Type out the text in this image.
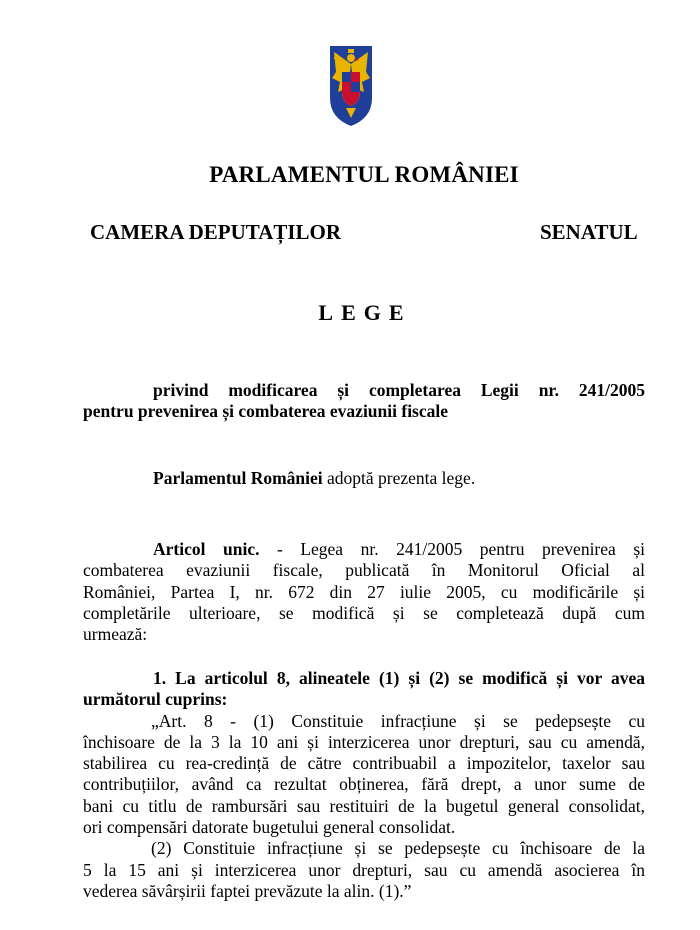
PARLAMENTUL ROMÂNIEI
CAMERA DEPUTAȚILOR	SENATUL
LEGE
privind modificarea și completarea Legii nr. 241/2005
pentru prevenirea și combaterea evaziunii fiscale
Parlamentul României adoptă prezenta lege.
Articol unic. - Legea nr. 241/2005 pentru prevenirea și
combaterea evaziunii fiscale, publicată în Monitorul Oficial al
României, Partea I, nr. 672 din 27 iulie 2005, cu modificările și
completările ulterioare, se modifică și se completează după cum
urmează:
1. La articolul 8, alineatele (1) și (2) se modifică și vor avea
următorul cuprins:
„Art. 8 - (1) Constituie infracțiune și se pedepsește cu
închisoare de la 3 la 10 ani și interzicerea unor drepturi, sau cu amendă,
stabilirea cu rea-credință de către contribuabil a impozitelor, taxelor sau
contribuțiilor, având ca rezultat obținerea, fără drept, a unor sume de
bani cu titlu de rambursări sau restituiri de la bugetul general consolidat,
ori compensări datorate bugetului general consolidat.
(2) Constituie infracțiune și se pedepsește cu închisoare de la
5 la 15 ani și interzicerea unor drepturi, sau cu amendă asocierea în
vederea săvârșirii faptei prevăzute la alin. (1).”
